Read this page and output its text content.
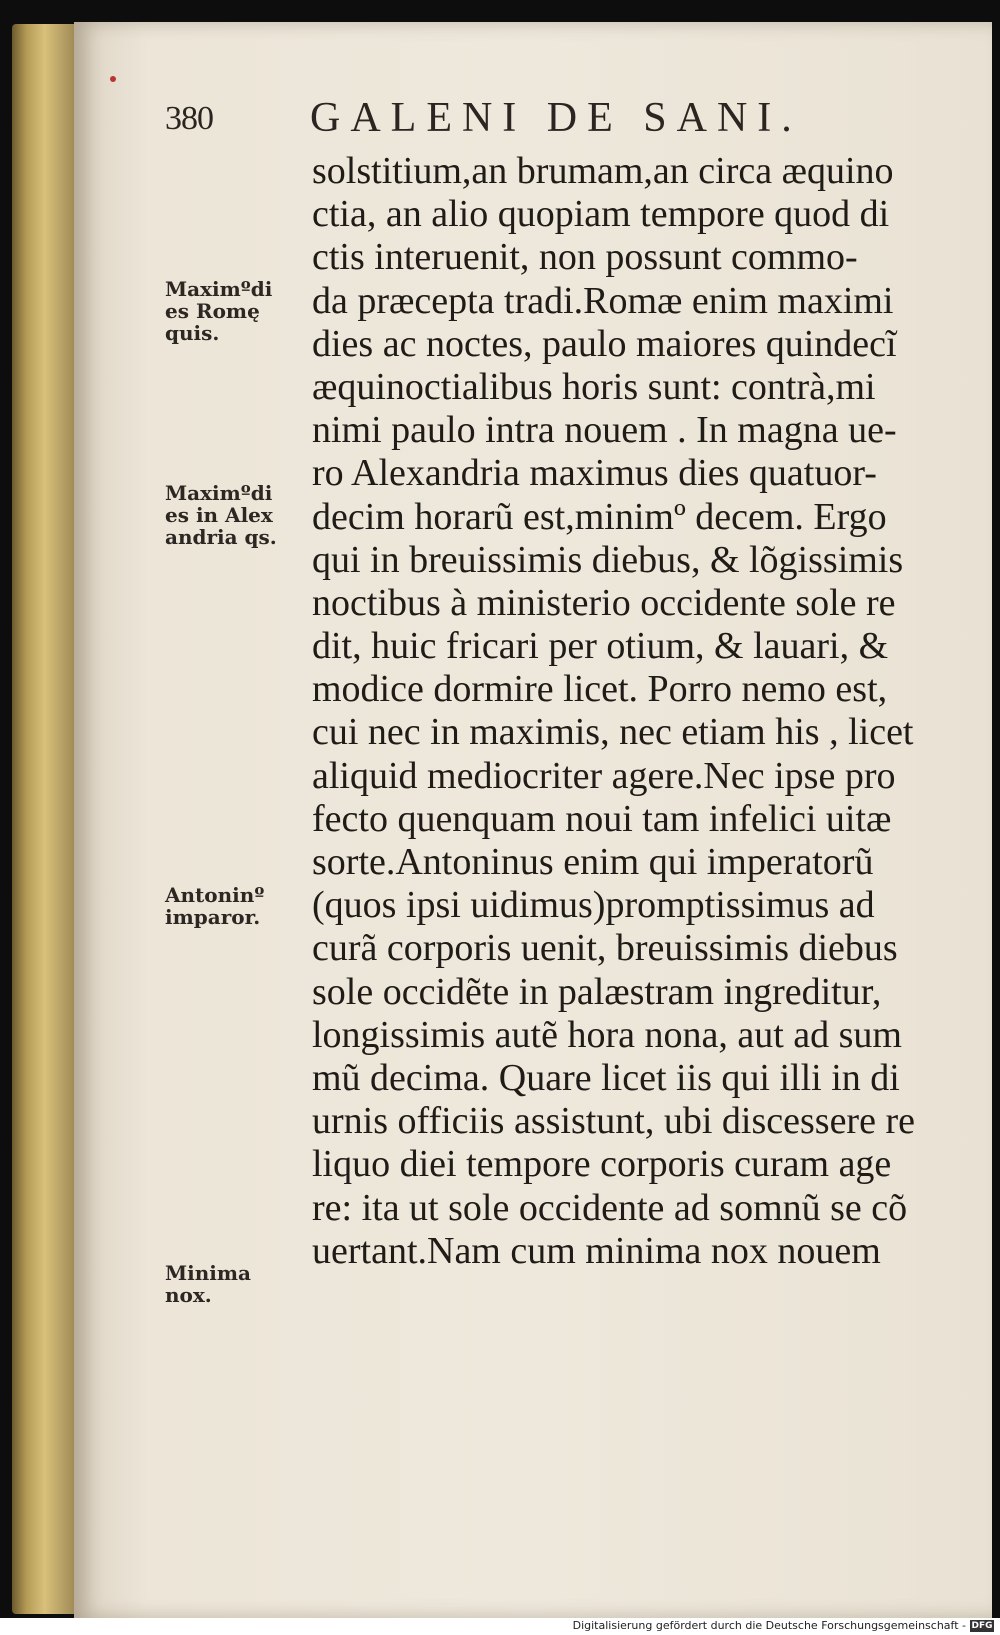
380 GALENI DE SANI.
solstitium,an brumam,an circa æquino
ctia, an alio quopiam tempore quod di
ctis interuenit, non possunt commo-
da præcepta tradi.Romæ enim maximi
dies ac noctes, paulo maiores quindecĩ
æquinoctialibus horis sunt: contrà,mi
nimi paulo intra nouem . In magna ue-
ro Alexandria maximus dies quatuor-
decim horarũ est,minimº decem. Ergo
qui in breuissimis diebus, & lõgissimis
noctibus à ministerio occidente sole re
dit, huic fricari per otium, & lauari, &
modice dormire licet. Porro nemo est,
cui nec in maximis, nec etiam his , licet
aliquid mediocriter agere.Nec ipse pro
fecto quenquam noui tam infelici uitæ
sorte.Antoninus enim qui imperatorũ
(quos ipsi uidimus)promptissimus ad
curã corporis uenit, breuissimis diebus
sole occidẽte in palæstram ingreditur,
longissimis autẽ hora nona, aut ad sum
mũ decima. Quare licet iis qui illi in di
urnis officiis assistunt, ubi discessere re
liquo diei tempore corporis curam age
re: ita ut sole occidente ad somnũ se cõ
uertant.Nam cum minima nox nouem
Maximºdi
es Romę
quis.
Maximºdi
es in Alex
andria qs.
Antoninº
imparor.
Minima
nox.
Digitalisierung gefördert durch die Deutsche Forschungsgemeinschaft - DFG
